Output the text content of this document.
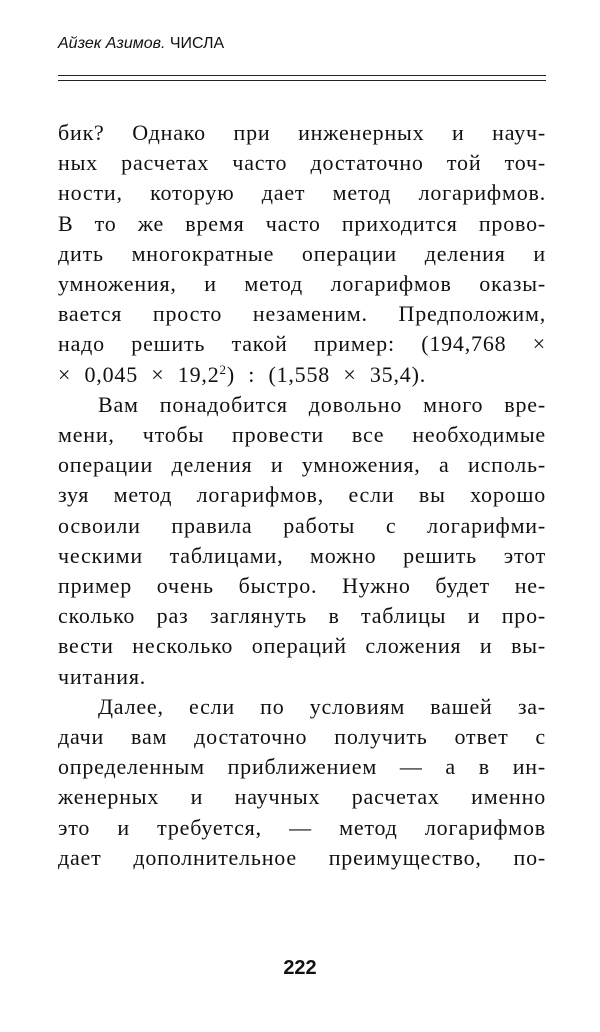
Айзек Азимов. ЧИСЛА
бик? Однако при инженерных и науч-
ных расчетах часто достаточно той точ-
ности, которую дает метод логарифмов.
В то же время часто приходится прово-
дить многократные операции деления и
умножения, и метод логарифмов оказы-
вается просто незаменим. Предположим,
надо решить такой пример: (194,768 ×
× $0,045 \times 19,2^2$) : (1,558 × 35,4).
Вам понадобится довольно много вре-
мени, чтобы провести все необходимые
операции деления и умножения, а исполь-
зуя метод логарифмов, если вы хорошо
освоили правила работы с логарифми-
ческими таблицами, можно решить этот
пример очень быстро. Нужно будет не-
сколько раз заглянуть в таблицы и про-
вести несколько операций сложения и вы-
читания.
Далее, если по условиям вашей за-
дачи вам достаточно получить ответ с
определенным приближением — а в ин-
женерных и научных расчетах именно
это и требуется, — метод логарифмов
дает дополнительное преимущество, по-
222
